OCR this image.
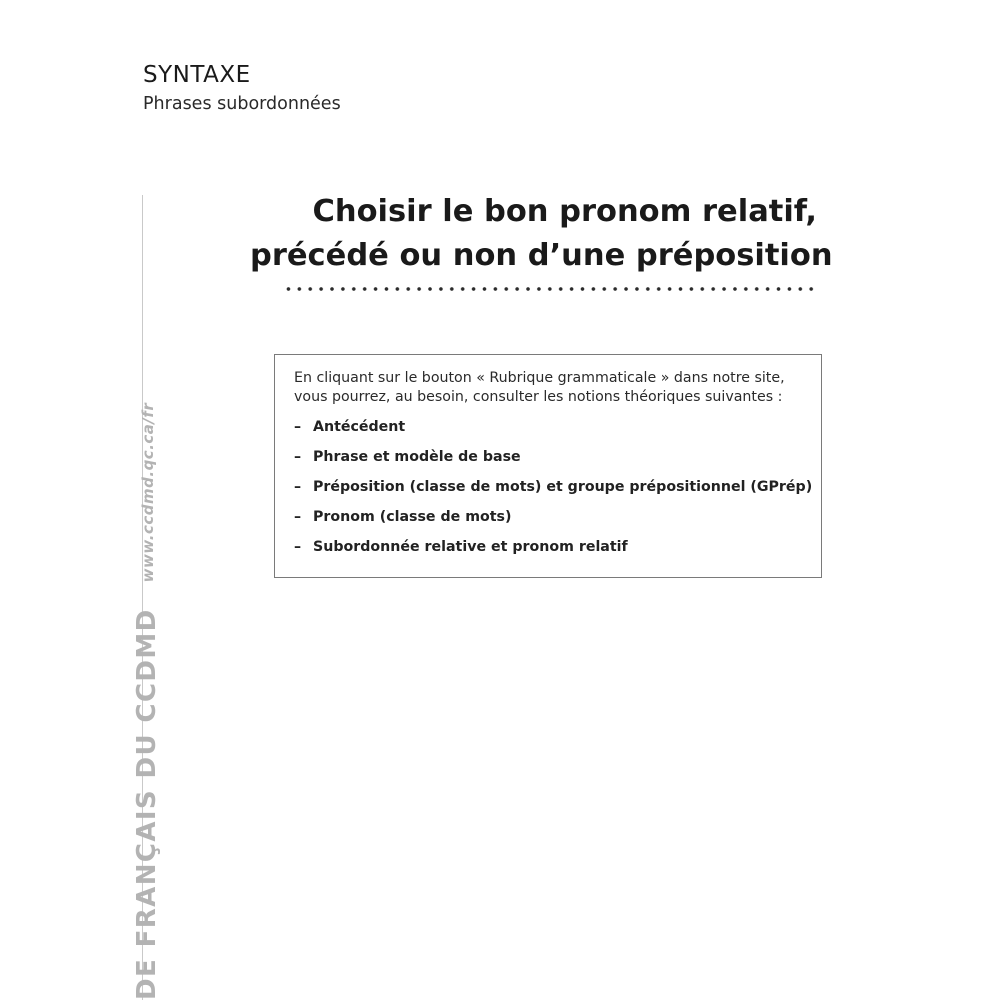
SYNTAXE
Phrases subordonnées
DE FRANÇAIS DU CCDMDwww.ccdmd.qc.ca/fr
Choisir le bon pronom relatif,
précédé ou non d’une préposition
En cliquant sur le bouton « Rubrique grammaticale » dans notre site,
vous pourrez, au besoin, consulter les notions théoriques suivantes :
– Antécédent
– Phrase et modèle de base
– Préposition (classe de mots) et groupe prépositionnel (GPrép)
– Pronom (classe de mots)
– Subordonnée relative et pronom relatif
